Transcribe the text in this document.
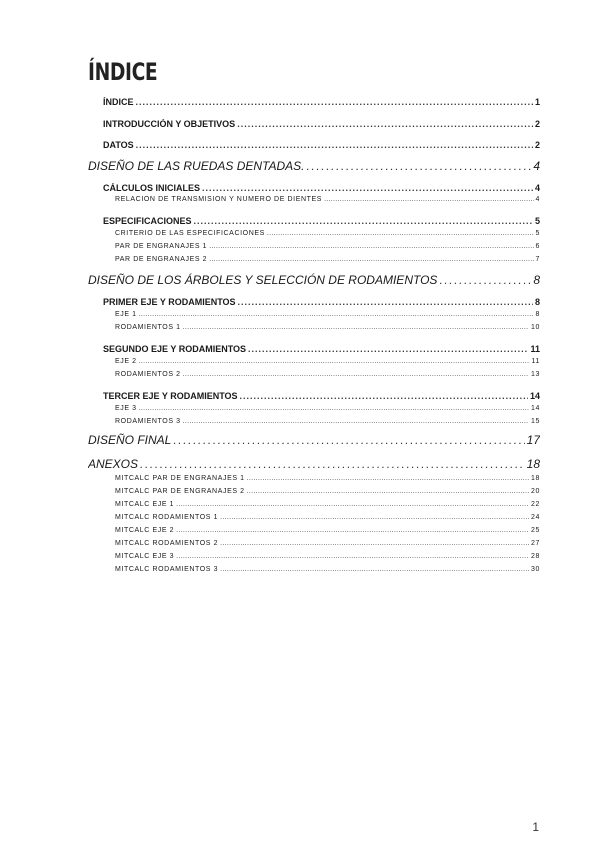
ÍNDICE
ÍNDICE .....	1
INTRODUCCIÓN Y OBJETIVOS .....	2
DATOS .....	2
DISEÑO DE LAS RUEDAS DENTADAS. .....	4
CÁLCULOS INICIALES .....	4
RELACIÓN DE TRANSMISIÓN Y NÚMERO DE DIENTES .....	4
ESPECIFICACIONES .....	5
CRITERIO DE LAS ESPECIFICACIONES .....	5
PAR DE ENGRANAJES 1 .....	6
PAR DE ENGRANAJES 2 .....	7
DISEÑO DE LOS ÁRBOLES Y SELECCIÓN DE RODAMIENTOS .....	8
PRIMER EJE Y RODAMIENTOS .....	8
EJE 1 .....	8
RODAMIENTOS 1 .....	10
SEGUNDO EJE Y RODAMIENTOS .....	11
EJE 2 .....	11
RODAMIENTOS 2 .....	13
TERCER EJE Y RODAMIENTOS .....	14
EJE 3 .....	14
RODAMIENTOS 3 .....	15
DISEÑO FINAL .....	17
ANEXOS .....	18
MITCALC PAR DE ENGRANAJES 1 .....	18
MITCALC PAR DE ENGRANAJES 2 .....	20
MITCALC EJE 1 .....	22
MITCALC RODAMIENTOS 1 .....	24
MITCALC EJE 2 .....	25
MITCALC RODAMIENTOS 2 .....	27
MITCALC EJE 3 .....	28
MITCALC RODAMIENTOS 3 .....	30
1
